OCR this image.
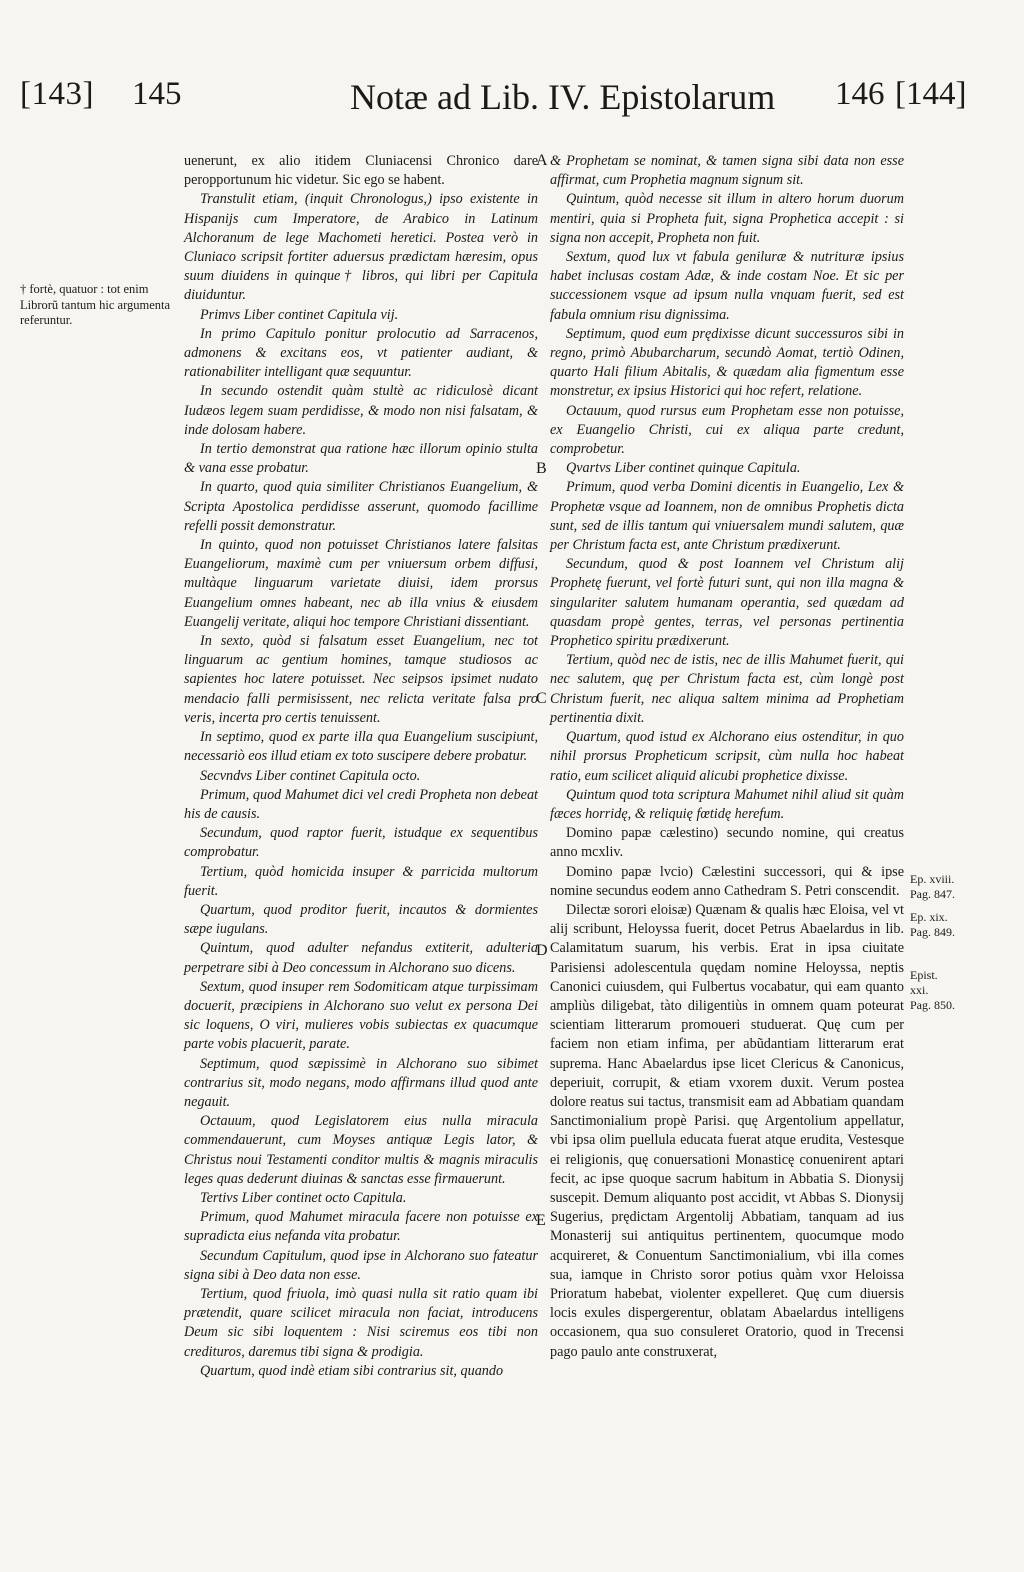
[143] 145	Notæ ad Lib. IV. Epistolarum 146 [144]

† fortè, quatuor : tot enim Librorũ tantum hic argumenta referuntur.

Ep. xviii.
Pag. 847.
Ep. xix.
Pag. 849.
Epist.
xxi.
Pag. 850.
A
B
C
D
E

uenerunt, ex alio itidem Cluniacensi Chronico dare peropportunum hic videtur. Sic ego se habent.

Transtulit etiam, (inquit Chronologus,) ipso existente in Hispanijs cum Imperatore, de Arabico in Latinum Alchoranum de lege Machometi heretici. Postea verò in Cluniaco scripsit fortiter aduersus prædictam hæresim, opus suum diuidens in quinque† libros, qui libri per Capitula diuiduntur.

Primvs Liber continet Capitula vij.

In primo Capitulo ponitur prolocutio ad Sarracenos, admonens & excitans eos, vt patienter audiant, & rationabiliter intelligant quæ sequuntur.

In secundo ostendit quàm stultè ac ridiculosè dicant Iudæos legem suam perdidisse, & modo non nisi falsatam, & inde dolosam habere.

In tertio demonstrat qua ratione hæc illorum opinio stulta & vana esse probatur.

In quarto, quod quia similiter Christianos Euangelium, & Scripta Apostolica perdidisse asserunt, quomodo facillime refelli possit demonstratur.

In quinto, quod non potuisset Christianos latere falsitas Euangeliorum, maximè cum per vniuersum orbem diffusi, multàque linguarum varietate diuisi, idem prorsus Euangelium omnes habeant, nec ab illa vnius & eiusdem Euangelij veritate, aliqui hoc tempore Christiani dissentiant.

In sexto, quòd si falsatum esset Euangelium, nec tot linguarum ac gentium homines, tamque studiosos ac sapientes hoc latere potuisset. Nec seipsos ipsimet nudato mendacio falli permisissent, nec relicta veritate falsa pro veris, incerta pro certis tenuissent.

In septimo, quod ex parte illa qua Euangelium suscipiunt, necessariò eos illud etiam ex toto suscipere debere probatur.

Secvndvs Liber continet Capitula octo.

Primum, quod Mahumet dici vel credi Propheta non debeat his de causis.

Secundum, quod raptor fuerit, istudque ex sequentibus comprobatur.

Tertium, quòd homicida insuper & parricida multorum fuerit.

Quartum, quod proditor fuerit, incautos & dormientes sæpe iugulans.

Quintum, quod adulter nefandus extiterit, adulteria perpetrare sibi à Deo concessum in Alchorano suo dicens.

Sextum, quod insuper rem Sodomiticam atque turpissimam docuerit, præcipiens in Alchorano suo velut ex persona Dei sic loquens, O viri, mulieres vobis subiectas ex quacumque parte vobis placuerit, parate.

Septimum, quod sæpissimè in Alchorano suo sibimet contrarius sit, modo negans, modo affirmans illud quod ante negauit.

Octauum, quod Legislatorem eius nulla miracula commendauerunt, cum Moyses antiquæ Legis lator, & Christus noui Testamenti conditor multis & magnis miraculis leges quas dederunt diuinas & sanctas esse firmauerunt.

Tertivs Liber continet octo Capitula.

Primum, quod Mahumet miracula facere non potuisse ex supradicta eius nefanda vita probatur.

Secundum Capitulum, quod ipse in Alchorano suo fateatur signa sibi à Deo data non esse.

Tertium, quod friuola, imò quasi nulla sit ratio quam ibi prætendit, quare scilicet miracula non faciat, introducens Deum sic sibi loquentem : Nisi sciremus eos tibi non credituros, daremus tibi signa & prodigia.

Quartum, quod indè etiam sibi contrarius sit, quando

& Prophetam se nominat, & tamen signa sibi data non esse affirmat, cum Prophetia magnum signum sit.

Quintum, quòd necesse sit illum in altero horum duorum mentiri, quia si Propheta fuit, signa Prophetica accepit : si signa non accepit, Propheta non fuit.

Sextum, quod lux vt fabula geniluræ & nutrituræ ipsius habet inclusas costam Adæ, & inde costam Noe. Et sic per successionem vsque ad ipsum nulla vnquam fuerit, sed est fabula omnium risu dignissima.

Septimum, quod eum prędixisse dicunt successuros sibi in regno, primò Abubarcharum, secundò Aomat, tertiò Odinen, quarto Hali filium Abitalis, & quædam alia figmentum esse monstretur, ex ipsius Historici qui hoc refert, relatione.

Octauum, quod rursus eum Prophetam esse non potuisse, ex Euangelio Christi, cui ex aliqua parte credunt, comprobetur.

Qvartvs Liber continet quinque Capitula.

Primum, quod verba Domini dicentis in Euangelio, Lex & Prophetæ vsque ad Ioannem, non de omnibus Prophetis dicta sunt, sed de illis tantum qui vniuersalem mundi salutem, quæ per Christum facta est, ante Christum prædixerunt.

Secundum, quod & post Ioannem vel Christum alij Prophetę fuerunt, vel fortè futuri sunt, qui non illa magna & singulariter salutem humanam operantia, sed quædam ad quasdam propè gentes, terras, vel personas pertinentia Prophetico spiritu prædixerunt.

Tertium, quòd nec de istis, nec de illis Mahumet fuerit, qui nec salutem, quę per Christum facta est, cùm longè post Christum fuerit, nec aliqua saltem minima ad Prophetiam pertinentia dixit.

Quartum, quod istud ex Alchorano eius ostenditur, in quo nihil prorsus Propheticum scripsit, cùm nulla hoc habeat ratio, eum scilicet aliquid alicubi prophetice dixisse.

Quintum quod tota scriptura Mahumet nihil aliud sit quàm fæces horridę, & reliquię fœtidę herefum.

Domino papæ cælestino) secundo nomine, qui creatus anno mcxliv.

Domino papæ lvcio) Cælestini successori, qui & ipse nomine secundus eodem anno Cathedram S. Petri conscendit.

Dilectæ sorori eloisæ) Quænam & qualis hæc Eloisa, vel vt alij scribunt, Heloyssa fuerit, docet Petrus Abaelardus in lib. Calamitatum suarum, his verbis. Erat in ipsa ciuitate Parisiensi adolescentula quędam nomine Heloyssa, neptis Canonici cuiusdem, qui Fulbertus vocabatur, qui eam quanto ampliùs diligebat, tàto diligentiùs in omnem quam poteurat scientiam litterarum promoueri studuerat. Quę cum per faciem non etiam infima, per abũdantiam litterarum erat suprema. Hanc Abaelardus ipse licet Clericus & Canonicus, deperiuit, corrupit, & etiam vxorem duxit. Verum postea dolore reatus sui tactus, transmisit eam ad Abbatiam quandam Sanctimonialium propè Parisi. quę Argentolium appellatur, vbi ipsa olim puellula educata fuerat atque erudita, Vestesque ei religionis, quę conuersationi Monasticę conuenirent aptari fecit, ac ipse quoque sacrum habitum in Abbatia S. Dionysij suscepit. Demum aliquanto post accidit, vt Abbas S. Dionysij Sugerius, prędictam Argentolij Abbatiam, tanquam ad ius Monasterij sui antiquitus pertinentem, quocumque modo acquireret, & Conuentum Sanctimonialium, vbi illa comes sua, iamque in Christo soror potius quàm vxor Heloissa Prioratum habebat, violenter expelleret. Quę cum diuersis locis exules dispergerentur, oblatam Abaelardus intelligens occasionem, qua suo consuleret Oratorio, quod in Trecensi pago paulo ante construxerat,
